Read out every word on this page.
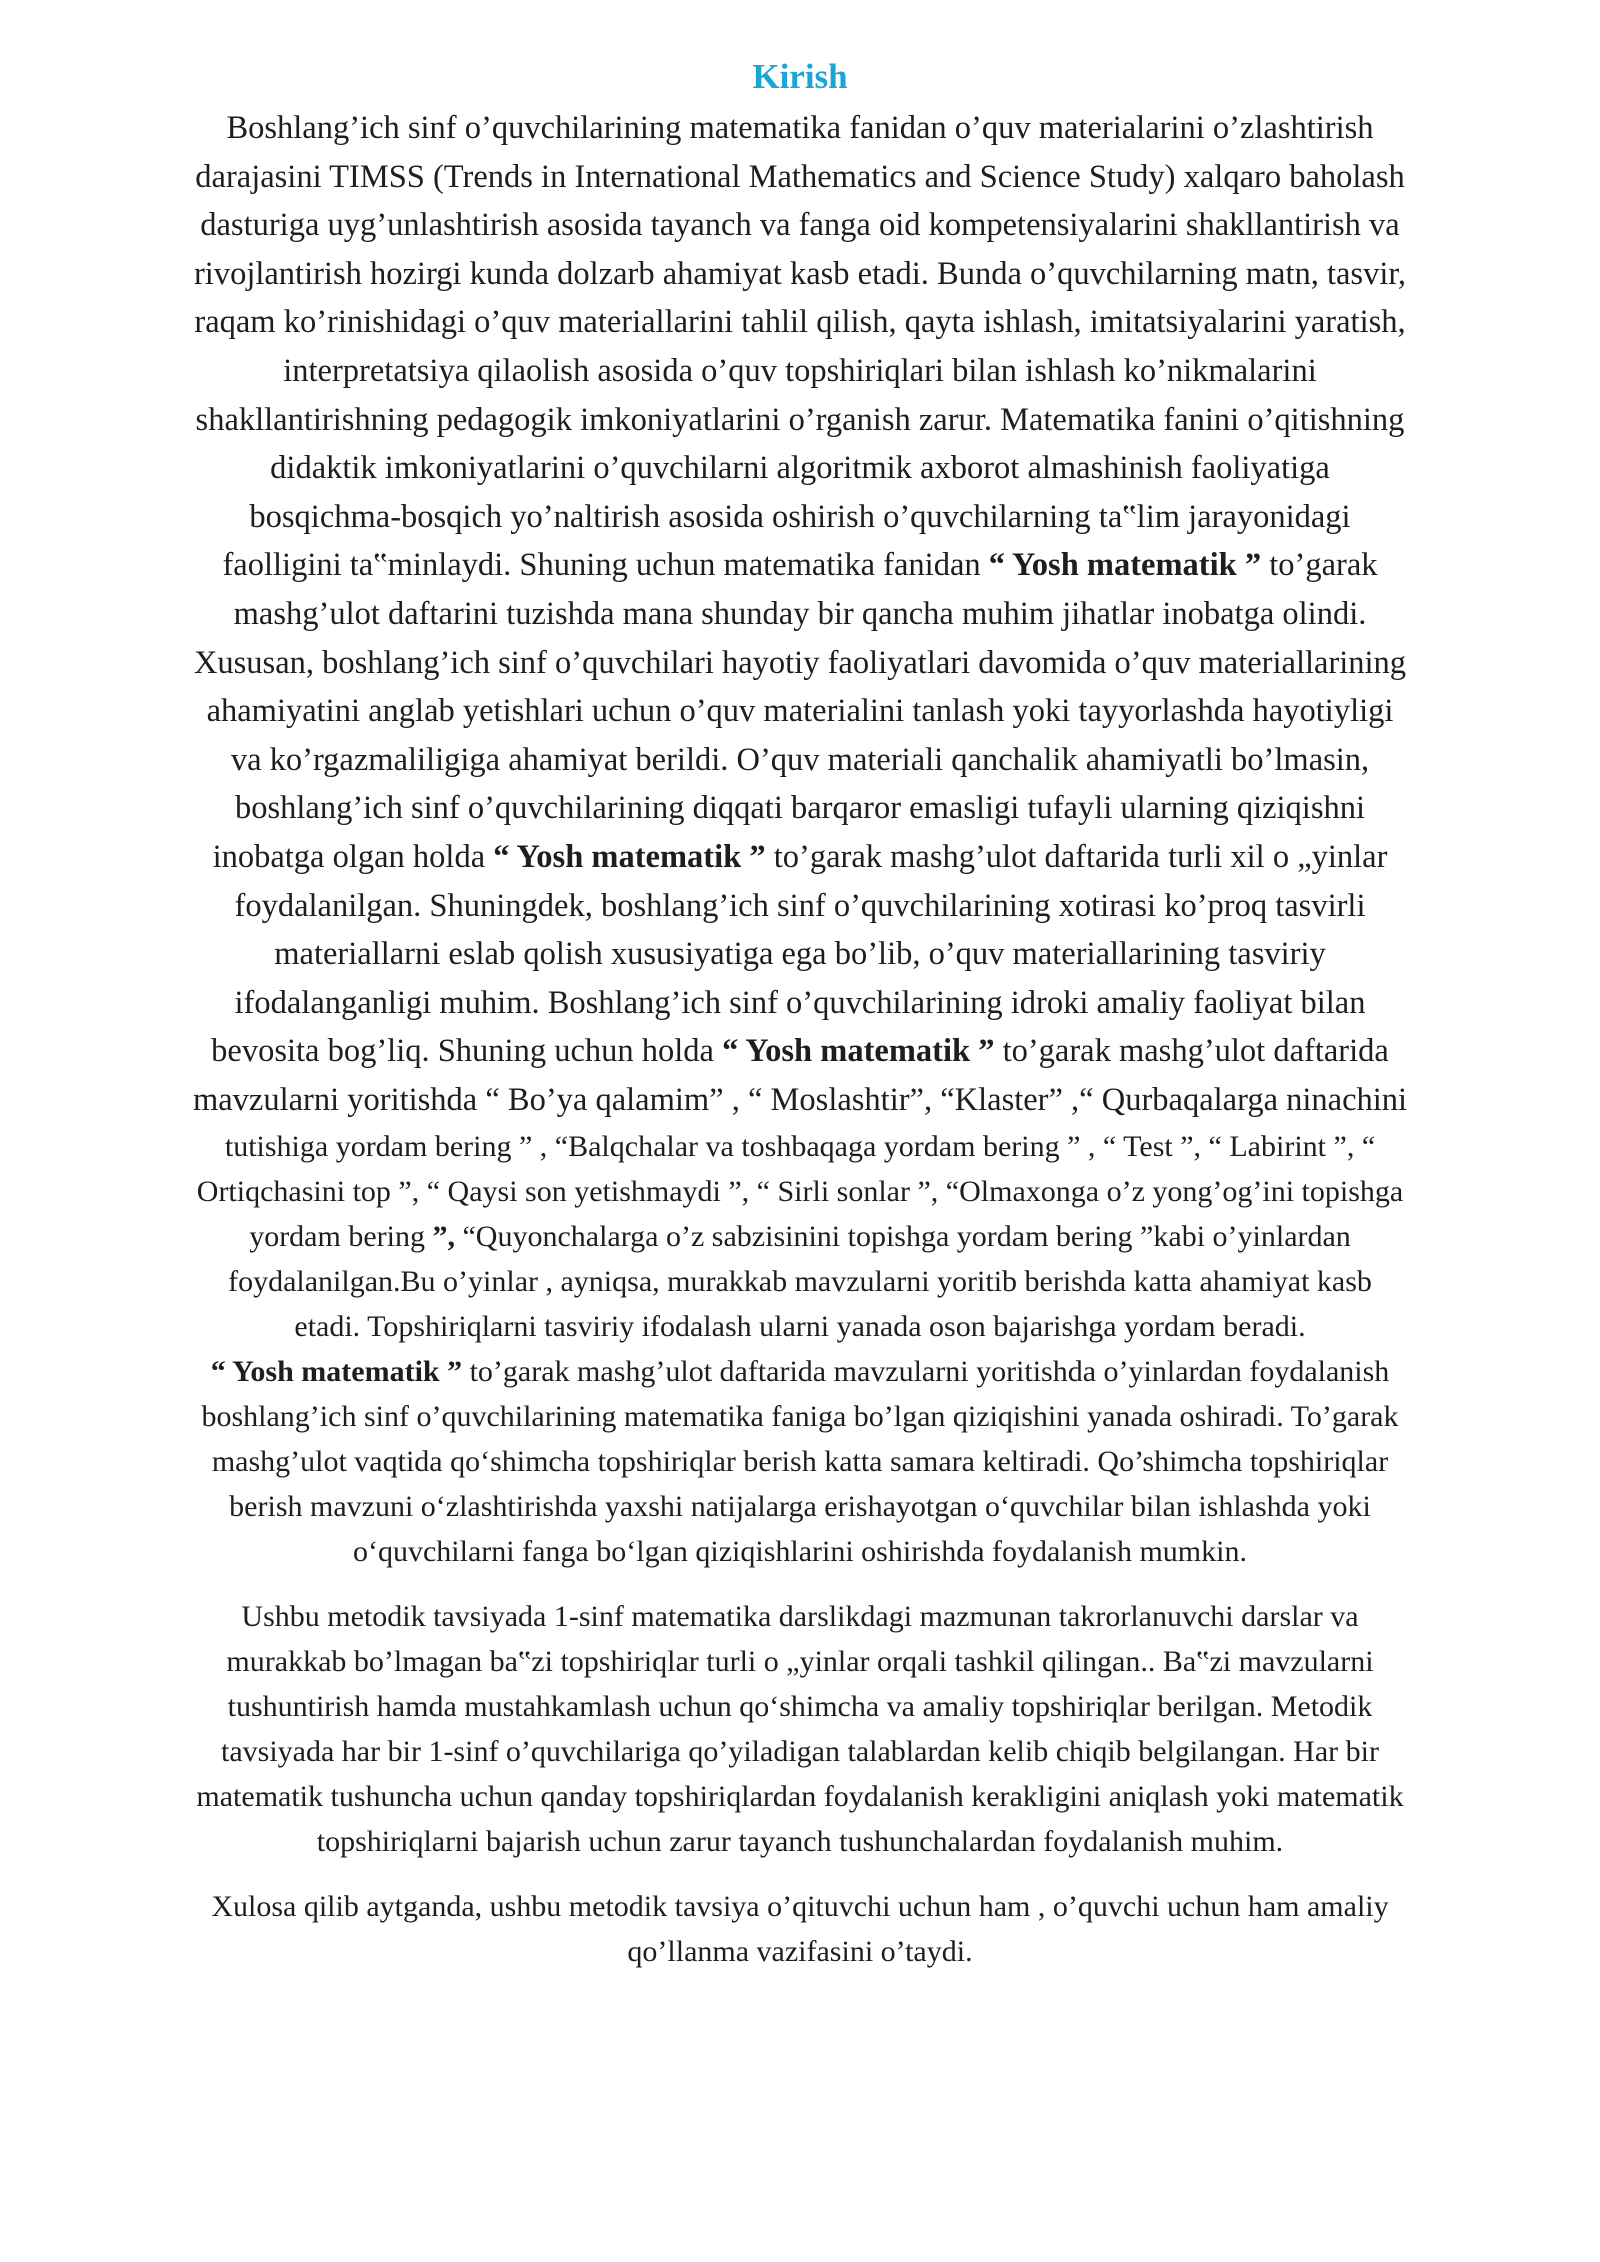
Kirish
Boshlang’ich sinf o’quvchilarining matematika fanidan o’quv materialarini o’zlashtirish
darajasini TIMSS (Trends in International Mathematics and Science Study) xalqaro baholash
dasturiga uyg’unlashtirish asosida tayanch va fanga oid kompetensiyalarini shakllantirish va
rivojlantirish hozirgi kunda dolzarb ahamiyat kasb etadi. Bunda o’quvchilarning matn, tasvir,
raqam ko’rinishidagi o’quv materiallarini tahlil qilish, qayta ishlash, imitatsiyalarini yaratish,
interpretatsiya qilaolish asosida o’quv topshiriqlari bilan ishlash ko’nikmalarini
shakllantirishning pedagogik imkoniyatlarini o’rganish zarur. Matematika fanini o’qitishning
didaktik imkoniyatlarini o’quvchilarni algoritmik axborot almashinish faoliyatiga
bosqichma-bosqich yo’naltirish asosida oshirish o’quvchilarning ta‟lim jarayonidagi
faolligini ta‟minlaydi. Shuning uchun matematika fanidan “ Yosh matematik ” to’garak
mashg’ulot daftarini tuzishda mana shunday bir qancha muhim jihatlar inobatga olindi.
Xususan, boshlang’ich sinf o’quvchilari hayotiy faoliyatlari davomida o’quv materiallarining
ahamiyatini anglab yetishlari uchun o’quv materialini tanlash yoki tayyorlashda hayotiyligi
va ko’rgazmaliligiga ahamiyat berildi. O’quv materiali qanchalik ahamiyatli bo’lmasin,
boshlang’ich sinf o’quvchilarining diqqati barqaror emasligi tufayli ularning qiziqishni
inobatga olgan holda “ Yosh matematik ” to’garak mashg’ulot daftarida turli xil o „yinlar
foydalanilgan. Shuningdek, boshlang’ich sinf o’quvchilarining xotirasi ko’proq tasvirli
materiallarni eslab qolish xususiyatiga ega bo’lib, o’quv materiallarining tasviriy
ifodalanganligi muhim. Boshlang’ich sinf o’quvchilarining idroki amaliy faoliyat bilan
bevosita bog’liq. Shuning uchun holda “ Yosh matematik ” to’garak mashg’ulot daftarida
mavzularni yoritishda “ Bo’ya qalamim” , “ Moslashtir”, “Klaster” ,“ Qurbaqalarga ninachini
tutishiga yordam bering ” , “Balqchalar va toshbaqaga yordam bering ” , “ Test ”, “ Labirint ”, “
Ortiqchasini top ”, “ Qaysi son yetishmaydi ”, “ Sirli sonlar ”, “Olmaxonga o’z yong’og’ini topishga
yordam bering ”, “Quyonchalarga o’z sabzisinini topishga yordam bering ”kabi o’yinlardan
foydalanilgan.Bu o’yinlar , ayniqsa, murakkab mavzularni yoritib berishda katta ahamiyat kasb
etadi. Topshiriqlarni tasviriy ifodalash ularni yanada oson bajarishga yordam beradi.
“ Yosh matematik ” to’garak mashg’ulot daftarida mavzularni yoritishda o’yinlardan foydalanish
boshlang’ich sinf o’quvchilarining matematika faniga bo’lgan qiziqishini yanada oshiradi. To’garak
mashg’ulot vaqtida qo‘shimcha topshiriqlar berish katta samara keltiradi. Qo’shimcha topshiriqlar
berish mavzuni o‘zlashtirishda yaxshi natijalarga erishayotgan o‘quvchilar bilan ishlashda yoki
o‘quvchilarni fanga bo‘lgan qiziqishlarini oshirishda foydalanish mumkin.
Ushbu metodik tavsiyada 1-sinf matematika darslikdagi mazmunan takrorlanuvchi darslar va
murakkab bo’lmagan ba‟zi topshiriqlar turli o „yinlar orqali tashkil qilingan.. Ba‟zi mavzularni
tushuntirish hamda mustahkamlash uchun qo‘shimcha va amaliy topshiriqlar berilgan. Metodik
tavsiyada har bir 1-sinf o’quvchilariga qo’yiladigan talablardan kelib chiqib belgilangan. Har bir
matematik tushuncha uchun qanday topshiriqlardan foydalanish kerakligini aniqlash yoki matematik
topshiriqlarni bajarish uchun zarur tayanch tushunchalardan foydalanish muhim.
Xulosa qilib aytganda, ushbu metodik tavsiya o’qituvchi uchun ham , o’quvchi uchun ham amaliy
qo’llanma vazifasini o’taydi.
